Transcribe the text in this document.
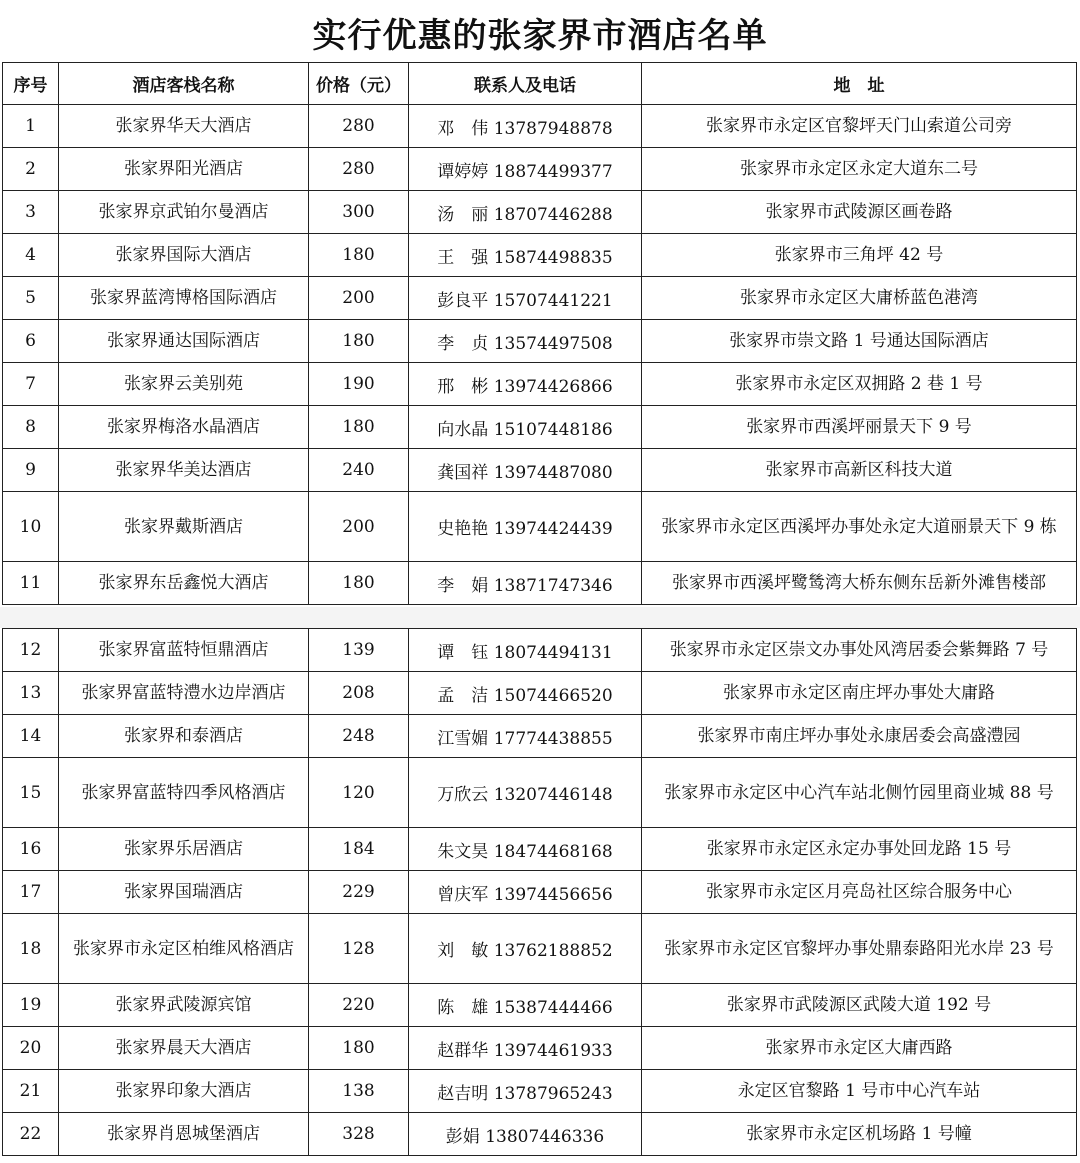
实行优惠的张家界市酒店名单
序号	酒店客栈名称	价格（元）	联系人及电话	地　址
1	张家界华天大酒店	280	邓　伟 13787948878	张家界市永定区官黎坪天门山索道公司旁
2	张家界阳光酒店	280	谭婷婷 18874499377	张家界市永定区永定大道东二号
3	张家界京武铂尔曼酒店	300	汤　丽 18707446288	张家界市武陵源区画卷路
4	张家界国际大酒店	180	王　强 15874498835	张家界市三角坪 42 号
5	张家界蓝湾博格国际酒店	200	彭良平 15707441221	张家界市永定区大庸桥蓝色港湾
6	张家界通达国际酒店	180	李　贞 13574497508	张家界市崇文路 1 号通达国际酒店
7	张家界云美别苑	190	邢　彬 13974426866	张家界市永定区双拥路 2 巷 1 号
8	张家界梅洛水晶酒店	180	向水晶 15107448186	张家界市西溪坪丽景天下 9 号
9	张家界华美达酒店	240	龚国祥 13974487080	张家界市高新区科技大道
10	张家界戴斯酒店	200	史艳艳 13974424439	张家界市永定区西溪坪办事处永定大道丽景天下 9 栋
11	张家界东岳鑫悦大酒店	180	李　娟 13871747346	张家界市西溪坪鹭鸶湾大桥东侧东岳新外滩售楼部
12	张家界富蓝特恒鼎酒店	139	谭　钰 18074494131	张家界市永定区崇文办事处风湾居委会紫舞路 7 号
13	张家界富蓝特澧水边岸酒店	208	孟　洁 15074466520	张家界市永定区南庄坪办事处大庸路
14	张家界和泰酒店	248	江雪媚 17774438855	张家界市南庄坪办事处永康居委会高盛澧园
15	张家界富蓝特四季风格酒店	120	万欣云 13207446148	张家界市永定区中心汽车站北侧竹园里商业城 88 号
16	张家界乐居酒店	184	朱文昊 18474468168	张家界市永定区永定办事处回龙路 15 号
17	张家界国瑞酒店	229	曾庆军 13974456656	张家界市永定区月亮岛社区综合服务中心
18	张家界市永定区柏维风格酒店	128	刘　敏 13762188852	张家界市永定区官黎坪办事处鼎泰路阳光水岸 23 号
19	张家界武陵源宾馆	220	陈　雄 15387444466	张家界市武陵源区武陵大道 192 号
20	张家界晨天大酒店	180	赵群华 13974461933	张家界市永定区大庸西路
21	张家界印象大酒店	138	赵吉明 13787965243	永定区官黎路 1 号市中心汽车站
22	张家界肖恩城堡酒店	328	彭娟 13807446336	张家界市永定区机场路 1 号幢
